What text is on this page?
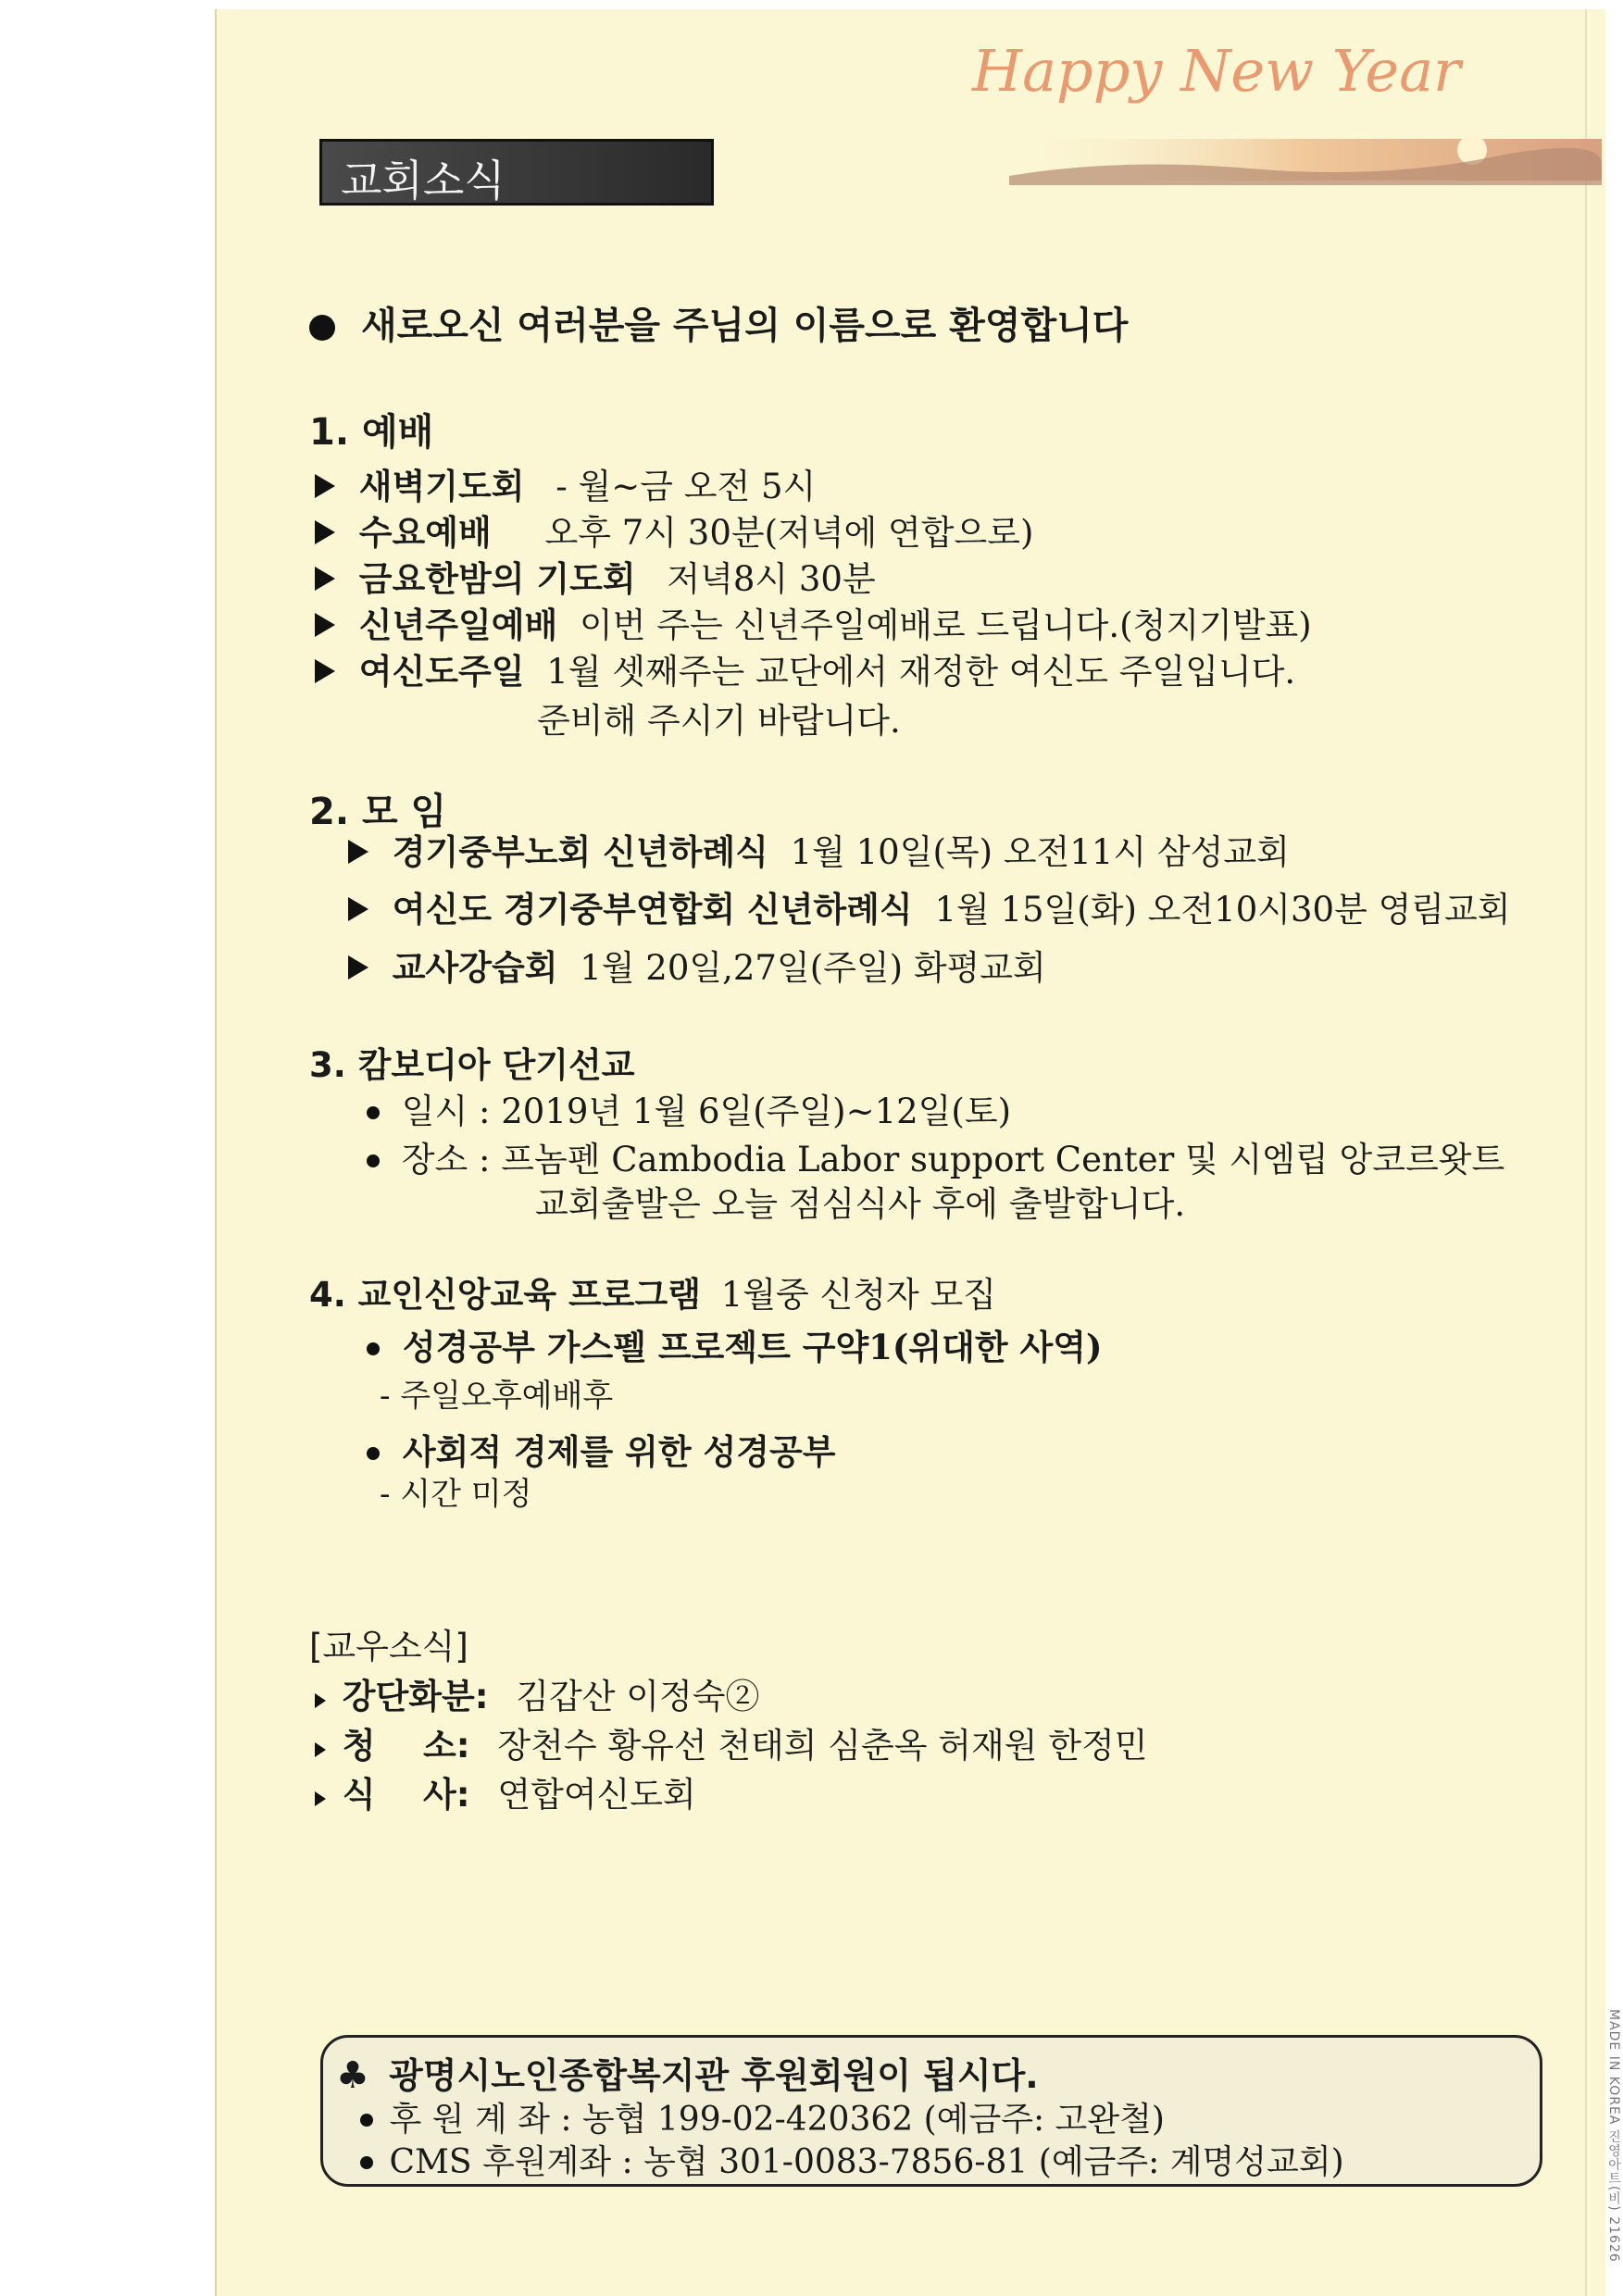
Happy New Year
교회소식
새로오신 여러분을 주님의 이름으로 환영합니다
1. 예배
새벽기도회 - 월~금 오전 5시
수요예배 오후 7시 30분(저녁에 연합으로)
금요한밤의 기도회 저녁8시 30분
신년주일예배 이번 주는 신년주일예배로 드립니다.(청지기발표)
여신도주일 1월 셋째주는 교단에서 재정한 여신도 주일입니다.
준비해 주시기 바랍니다.
2. 모 임
경기중부노회 신년하례식 1월 10일(목) 오전11시 삼성교회
여신도 경기중부연합회 신년하례식 1월 15일(화) 오전10시30분 영림교회
교사강습회 1월 20일,27일(주일) 화평교회
3. 캄보디아 단기선교
일시 : 2019년 1월 6일(주일)~12일(토)
장소 : 프놈펜 Cambodia Labor support Center 및 시엠립 앙코르왓트
교회출발은 오늘 점심식사 후에 출발합니다.
4. 교인신앙교육 프로그램 1월중 신청자 모집
성경공부 가스펠 프로젝트 구약1(위대한 사역)
- 주일오후예배후
사회적 경제를 위한 성경공부
- 시간 미정
[교우소식]
강단화분: 김갑산 이정숙②
청    소: 장천수 황유선 천태희 심춘옥 허재원 한정민
식    사: 연합여신도회
♣ 광명시노인종합복지관 후원회원이 됩시다.
후 원 계 좌 : 농협 199-02-420362 (예금주: 고완철)
CMS 후원계좌 : 농협 301-0083-7856-81 (예금주: 계명성교회)	MADE IN KOREA 진영아트(비) 21626
